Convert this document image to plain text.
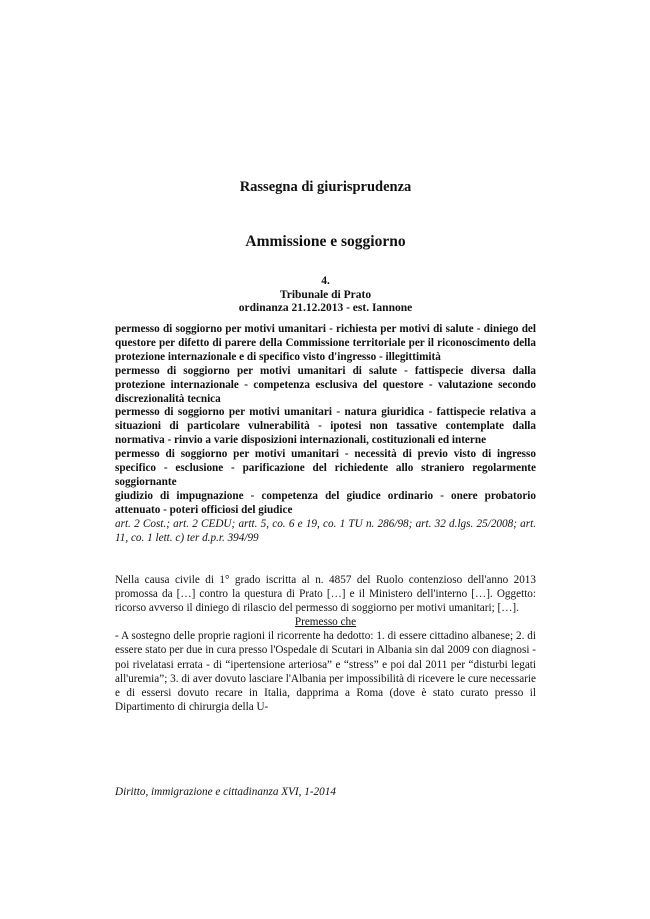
Rassegna di giurisprudenza
Ammissione e soggiorno
4.
Tribunale di Prato
ordinanza 21.12.2013 - est. Iannone

permesso di soggiorno per motivi umanitari - richiesta per motivi di salute - diniego del questore per difetto di parere della Commissione territoriale per il riconoscimento della protezione internazionale e di specifico visto d'ingresso - illegittimità

permesso di soggiorno per motivi umanitari di salute - fattispecie diversa dalla protezione internazionale - competenza esclusiva del questore - valutazione secondo discrezionalità tecnica

permesso di soggiorno per motivi umanitari - natura giuridica - fattispecie relativa a situazioni di particolare vulnerabilità - ipotesi non tassative contemplate dalla normativa - rinvio a varie disposizioni internazionali, costituzionali ed interne

permesso di soggiorno per motivi umanitari - necessità di previo visto di ingresso specifico - esclusione - parificazione del richiedente allo straniero regolarmente soggiornante

giudizio di impugnazione - competenza del giudice ordinario - onere probatorio attenuato - poteri officiosi del giudice

art. 2 Cost.; art. 2 CEDU; artt. 5, co. 6 e 19, co. 1 TU n. 286/98; art. 32 d.lgs. 25/2008; art. 11, co. 1 lett. c) ter d.p.r. 394/99

Nella causa civile di 1° grado iscritta al n. 4857 del Ruolo contenzioso dell'anno 2013 promossa da […] contro la questura di Prato […] e il Ministero dell'interno […]. Oggetto: ricorso avverso il diniego di rilascio del permesso di soggiorno per motivi umanitari; […].

Premesso che

- A sostegno delle proprie ragioni il ricorrente ha dedotto: 1. di essere cittadino albanese; 2. di essere stato per due in cura presso l'Ospedale di Scutari in Albania sin dal 2009 con diagnosi - poi rivelatasi errata - di “ipertensione arteriosa” e “stress” e poi dal 2011 per “disturbi legati all'uremia”; 3. di aver dovuto lasciare l'Albania per impossibilità di ricevere le cure necessarie e di essersi dovuto recare in Italia, dapprima a Roma (dove è stato curato presso il Dipartimento di chirurgia della U-

Diritto, immigrazione e cittadinanza XVI, 1-2014
